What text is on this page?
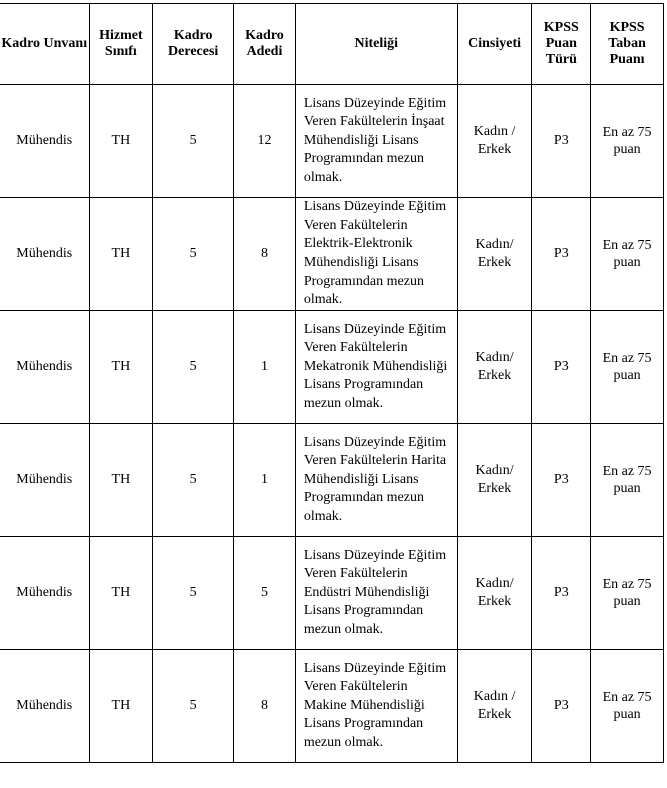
Kadro Unvanı	Hizmet Sınıfı	Kadro Derecesi	Kadro Adedi	Niteliği	Cinsiyeti	KPSS Puan Türü	KPSS Taban Puanı
Mühendis	TH	5	12	Lisans Düzeyinde Eğitim Veren Fakültelerin İnşaat Mühendisliği Lisans Programından mezun olmak.	Kadın / Erkek	P3	En az 75 puan
Mühendis	TH	5	8	Lisans Düzeyinde Eğitim Veren Fakültelerin Elektrik-Elektronik Mühendisliği Lisans Programından mezun olmak.	Kadın/ Erkek	P3	En az 75 puan
Mühendis	TH	5	1	Lisans Düzeyinde Eğitim Veren Fakültelerin Mekatronik Mühendisliği Lisans Programından mezun olmak.	Kadın/ Erkek	P3	En az 75 puan
Mühendis	TH	5	1	Lisans Düzeyinde Eğitim Veren Fakültelerin Harita Mühendisliği Lisans Programından mezun olmak.	Kadın/ Erkek	P3	En az 75 puan
Mühendis	TH	5	5	Lisans Düzeyinde Eğitim Veren Fakültelerin Endüstri Mühendisliği Lisans Programından mezun olmak.	Kadın/ Erkek	P3	En az 75 puan
Mühendis	TH	5	8	Lisans Düzeyinde Eğitim Veren Fakültelerin Makine Mühendisliği Lisans Programından mezun olmak.	Kadın / Erkek	P3	En az 75 puan
